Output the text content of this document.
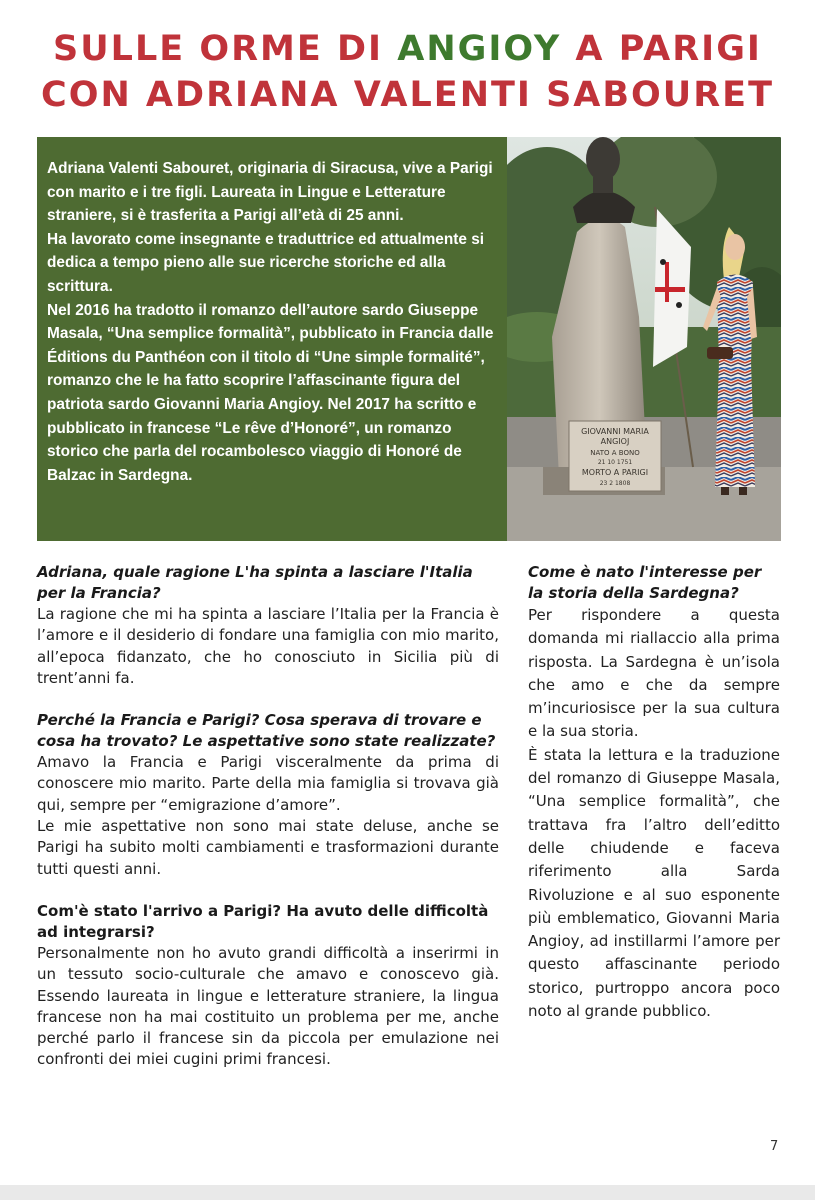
SULLE ORME DI ANGIOY A PARIGI
CON ADRIANA VALENTI SABOURET

Adriana Valenti Sabouret, originaria di Siracusa, vive a Parigi con marito e i tre figli. Laureata in Lingue e Letterature straniere, si è trasferita a Parigi all’età di 25 anni.

Ha lavorato come insegnante e traduttrice ed attualmente si dedica a tempo pieno alle sue ricerche storiche ed alla scrittura.

Nel 2016 ha tradotto il romanzo dell’autore sardo Giuseppe Masala, “Una semplice formalità”, pubblicato in Francia dalle Éditions du Panthéon con il titolo di “Une simple formalité”, romanzo che le ha fatto scoprire l’affascinante figura del patriota sardo Giovanni Maria Angioy. Nel 2017 ha scritto e pubblicato in francese “Le rêve d’Honoré”, un romanzo storico che parla del rocambolesco viaggio di Honoré de Balzac in Sardegna.

GIOVANNI MARIA
ANGIOJ
NATO A BONO
21 10 1751
MORTO A PARIGI
23 2 1808

Adriana, quale ragione L'ha spinta a lasciare l'Italia per la Francia?

La ragione che mi ha spinta a lasciare l’Italia per la Francia è l’amore e il desiderio di fondare una famiglia con mio marito, all’epoca fidanzato, che ho conosciuto in Sicilia più di trent’anni fa.

Perché la Francia e Parigi? Cosa sperava di trovare e cosa ha trovato? Le aspettative sono state realizzate?

Amavo la Francia e Parigi visceralmente da prima di conoscere mio marito. Parte della mia famiglia si trovava già qui, sempre per “emigrazione d’amore”.

Le mie aspettative non sono mai state deluse, anche se Parigi ha subito molti cambiamenti e trasformazioni durante tutti questi anni.

Com'è stato l'arrivo a Parigi? Ha avuto delle difficoltà ad integrarsi?

Personalmente non ho avuto grandi difficoltà a inserirmi in un tessuto socio-culturale che amavo e conoscevo già. Essendo laureata in lingue e letterature straniere, la lingua francese non ha mai costituito un problema per me, anche perché parlo il francese sin da piccola per emulazione nei confronti dei miei cugini primi francesi.

Come è nato l'interesse per la storia della Sardegna?

Per rispondere a questa domanda mi riallaccio alla prima risposta. La Sardegna è un’isola che amo e che da sempre m’incuriosisce per la sua cultura e la sua storia.

È stata la lettura e la traduzione del romanzo di Giuseppe Masala, “Una semplice formalità”, che trattava fra l’altro dell’editto delle chiudende e faceva riferimento alla Sarda Rivoluzione e al suo esponente più emblematico, Giovanni Maria Angioy, ad instillarmi l’amore per questo affascinante periodo storico, purtroppo ancora poco noto al grande pubblico.

7
